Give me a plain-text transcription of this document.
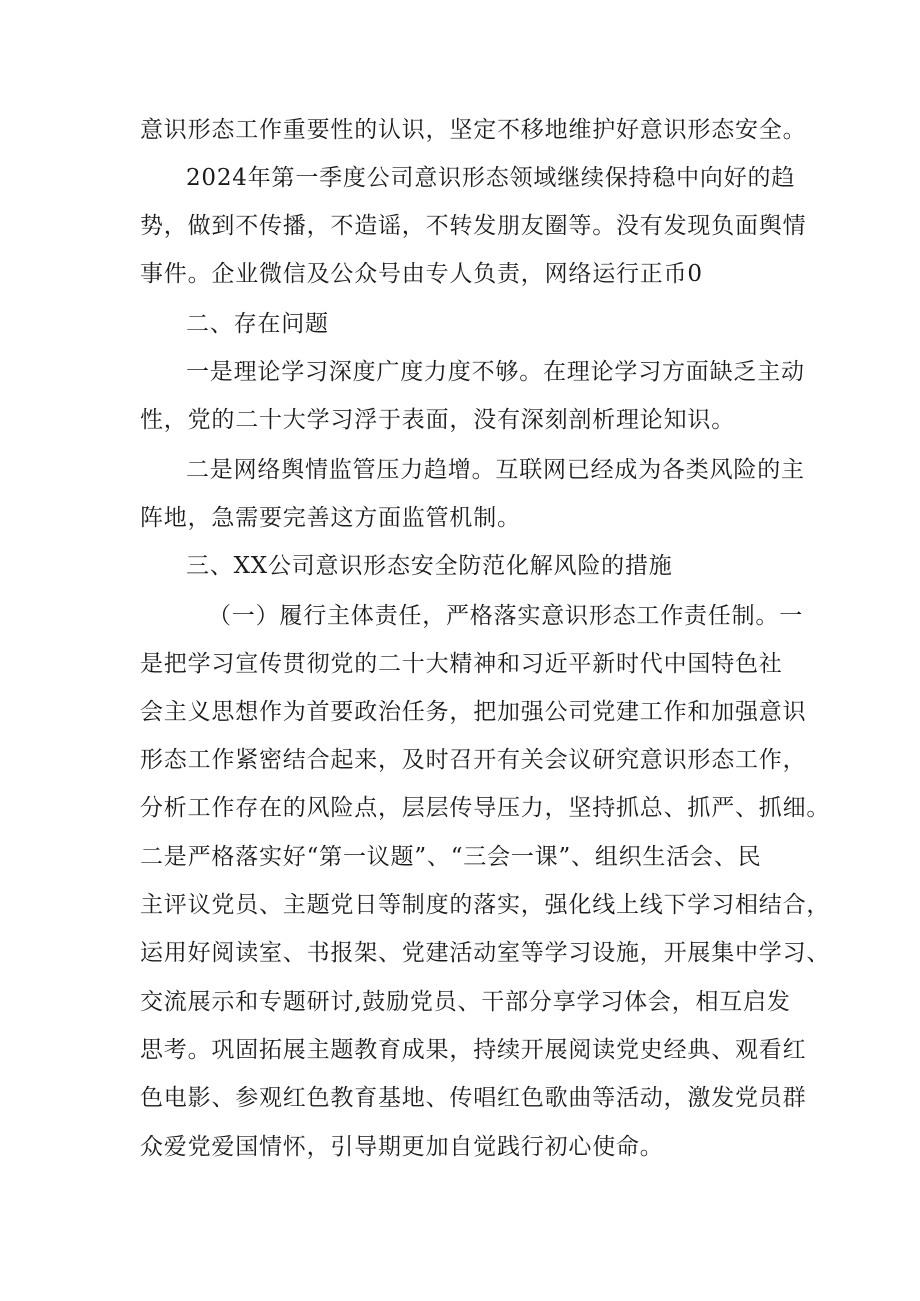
意识形态工作重要性的认识，坚定不移地维护好意识形态安全。

2024年第一季度公司意识形态领域继续保持稳中向好的趋

势，做到不传播，不造谣，不转发朋友圈等。没有发现负面舆情

事件。企业微信及公众号由专人负责，网络运行正币0

二、存在问题

一是理论学习深度广度力度不够。在理论学习方面缺乏主动

性，党的二十大学习浮于表面，没有深刻剖析理论知识。

二是网络舆情监管压力趋增。互联网已经成为各类风险的主

阵地，急需要完善这方面监管机制。

三、XX公司意识形态安全防范化解风险的措施

（一）履行主体责任，严格落实意识形态工作责任制。一

是把学习宣传贯彻党的二十大精神和习近平新时代中国特色社

会主义思想作为首要政治任务，把加强公司党建工作和加强意识

形态工作紧密结合起来，及时召开有关会议研究意识形态工作，

分析工作存在的风险点，层层传导压力，坚持抓总、抓严、抓细。

二是严格落实好“第一议题”、“三会一课”、组织生活会、民

主评议党员、主题党日等制度的落实，强化线上线下学习相结合，

运用好阅读室、书报架、党建活动室等学习设施，开展集中学习、

交流展示和专题研讨,鼓励党员、干部分享学习体会，相互启发

思考。巩固拓展主题教育成果，持续开展阅读党史经典、观看红

色电影、参观红色教育基地、传唱红色歌曲等活动，激发党员群

众爱党爱国情怀，引导期更加自觉践行初心使命。
